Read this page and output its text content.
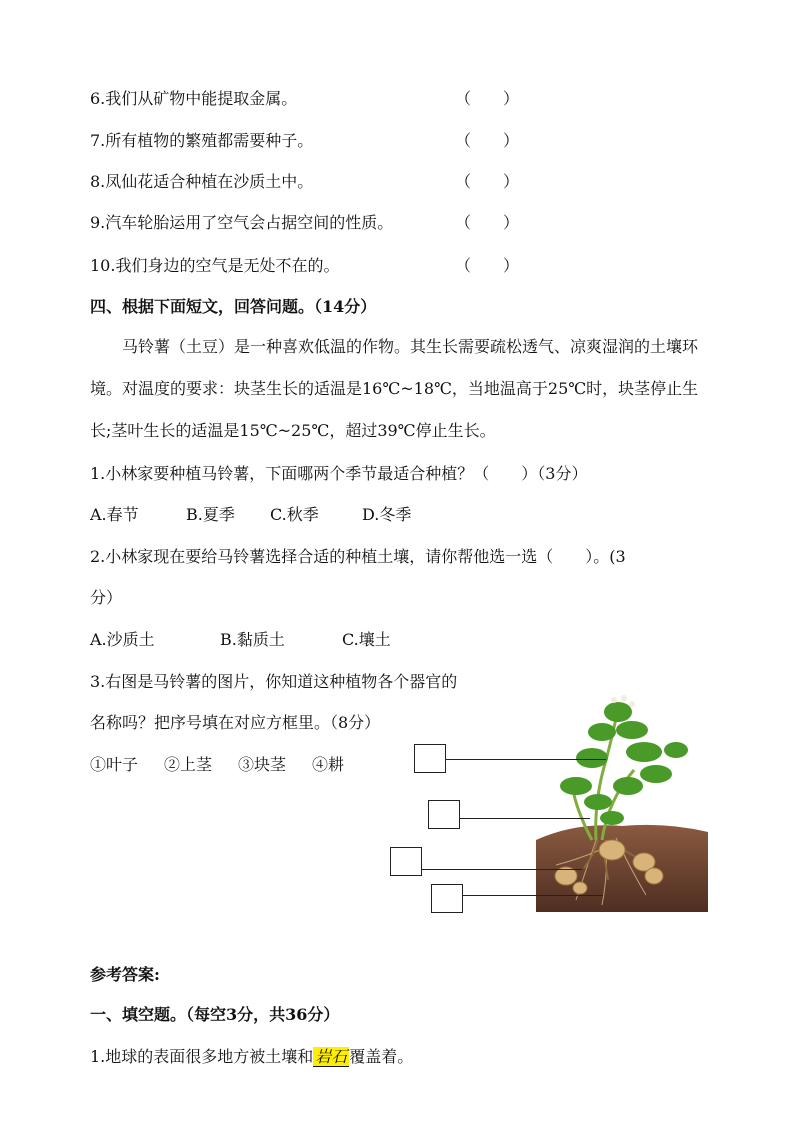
6.我们从矿物中能提取金属。	（　　）
7.所有植物的繁殖都需要种子。	（　　）
8.凤仙花适合种植在沙质土中。	（　　）
9.汽车轮胎运用了空气会占据空间的性质。	（　　）
10.我们身边的空气是无处不在的。	（　　）
四、根据下面短文，回答问题。（14分）
马铃薯（土豆）是一种喜欢低温的作物。其生长需要疏松透气、凉爽湿润的土壤环境。对温度的要求：块茎生长的适温是16℃~18℃，当地温高于25℃时，块茎停止生长;茎叶生长的适温是15℃~25℃，超过39℃停止生长。
1.小林家要种植马铃薯，下面哪两个季节最适合种植？（　　）（3分）
A.春节	B.夏季 C.秋季	D.冬季
2.小林家现在要给马铃薯选择合适的种植土壤，请你帮他选一选（　　）。(3
分）
A.沙质土	B.黏质土	C.壤土
3.右图是马铃薯的图片，你知道这种植物各个器官的
名称吗？把序号填在对应方框里。（8分）
①叶子 ②上茎 ③块茎 ④耕
参考答案:
一、填空题。（每空3分，共36分）
1.地球的表面很多地方被土壤和 岩石 覆盖着。
